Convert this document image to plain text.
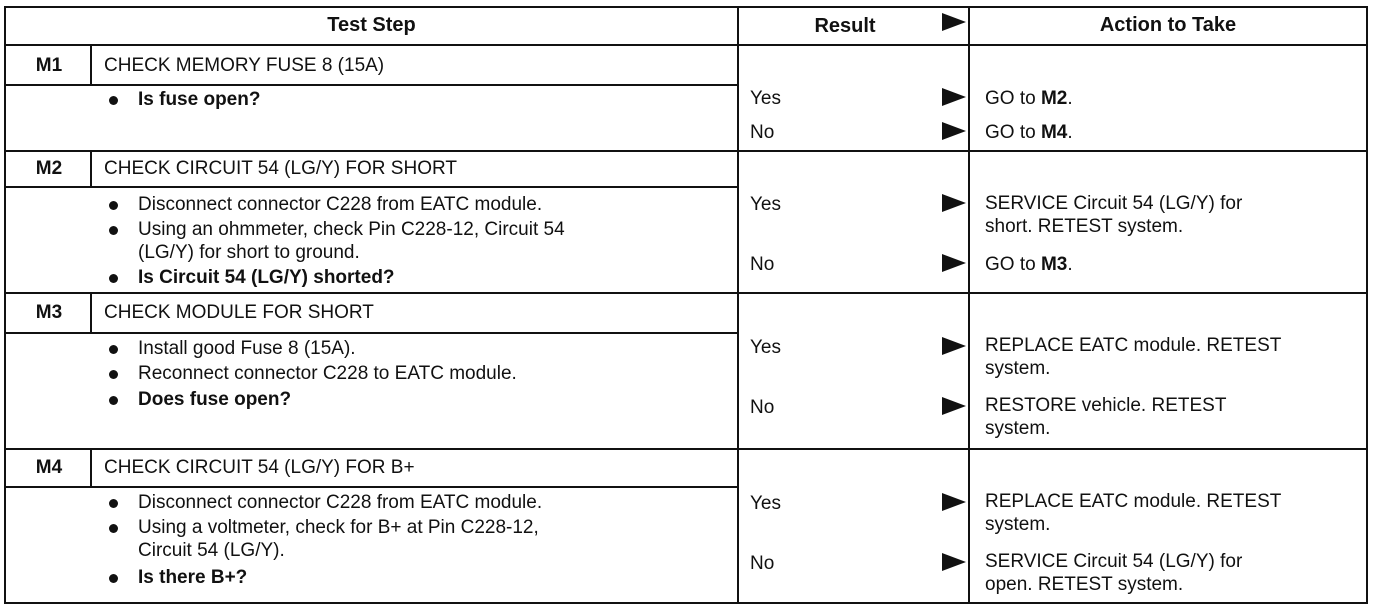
Test Step	Result	Action to Take
M1	CHECK MEMORY FUSE 8 (15A)
Is fuse open?	Yes	GO to M2.
No	GO to M4.
M2	CHECK CIRCUIT 54 (LG/Y) FOR SHORT
Disconnect connector C228 from EATC module.
Using an ohmmeter, check Pin C228-12, Circuit 54
(LG/Y) for short to ground.
Is Circuit 54 (LG/Y) shorted?
Yes	SERVICE Circuit 54 (LG/Y) for
short. RETEST system.
No	GO to M3.
M3	CHECK MODULE FOR SHORT
Install good Fuse 8 (15A).
Reconnect connector C228 to EATC module.
Does fuse open?
Yes	REPLACE EATC module. RETEST
system.
No	RESTORE vehicle. RETEST
system.
M4	CHECK CIRCUIT 54 (LG/Y) FOR B+
Disconnect connector C228 from EATC module.
Using a voltmeter, check for B+ at Pin C228-12,
Circuit 54 (LG/Y).
Is there B+?
Yes	REPLACE EATC module. RETEST
system.
No	SERVICE Circuit 54 (LG/Y) for
open. RETEST system.
